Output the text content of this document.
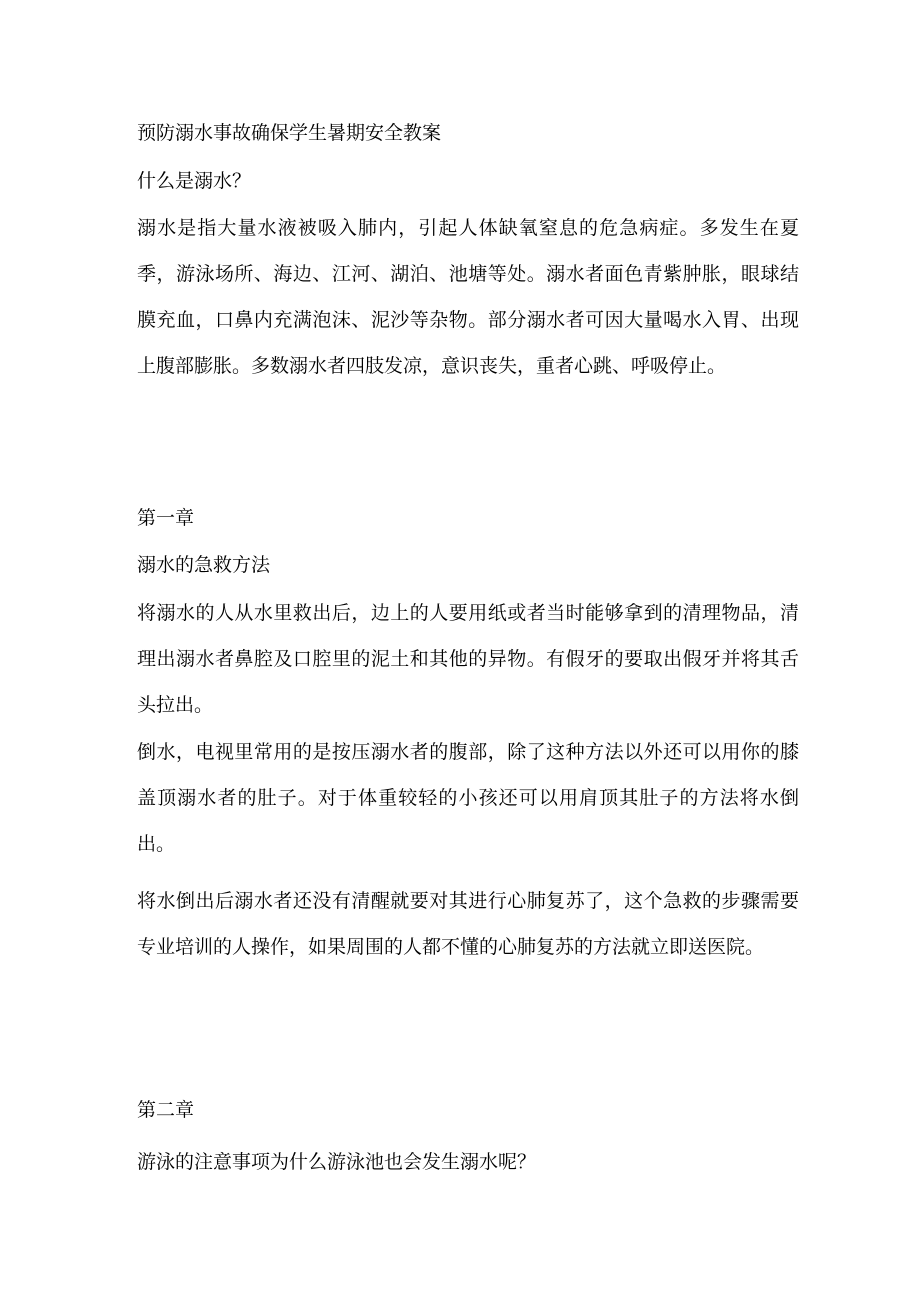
预防溺水事故确保学生暑期安全教案
什么是溺水？

溺水是指大量水液被吸入肺内，引起人体缺氧窒息的危急病症。多发生在夏季，游泳场所、海边、江河、湖泊、池塘等处。溺水者面色青紫肿胀，眼球结膜充血，口鼻内充满泡沫、泥沙等杂物。部分溺水者可因大量喝水入胃、出现上腹部膨胀。多数溺水者四肢发凉，意识丧失，重者心跳、呼吸停止。

第一章
溺水的急救方法

将溺水的人从水里救出后，边上的人要用纸或者当时能够拿到的清理物品，清理出溺水者鼻腔及口腔里的泥土和其他的异物。有假牙的要取出假牙并将其舌头拉出。

倒水，电视里常用的是按压溺水者的腹部，除了这种方法以外还可以用你的膝盖顶溺水者的肚子。对于体重较轻的小孩还可以用肩顶其肚子的方法将水倒出。

将水倒出后溺水者还没有清醒就要对其进行心肺复苏了，这个急救的步骤需要专业培训的人操作，如果周围的人都不懂的心肺复苏的方法就立即送医院。

第二章
游泳的注意事项为什么游泳池也会发生溺水呢？
